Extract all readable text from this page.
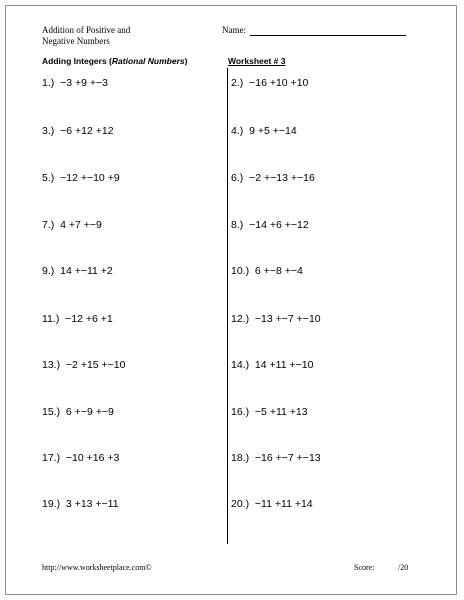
Addition of Positive and
Negative Numbers
Name:
Adding Integers (Rational Numbers)	Worksheet # 3
1.)  −3 +9 +−3	2.)  −16 +10 +10
3.)  −6 +12 +12	4.)  9 +5 +−14
5.)  −12 +−10 +9	6.)  −2 +−13 +−16
7.)  4 +7 +−9	8.)  −14 +6 +−12
9.)  14 +−11 +2	10.)  6 +−8 +−4
11.)  −12 +6 +1	12.)  −13 +−7 +−10
13.)  −2 +15 +−10	14.)  14 +11 +−10
15.)  6 +−9 +−9	16.)  −5 +11 +13
17.)  −10 +16 +3	18.)  −16 +−7 +−13
19.)  3 +13 +−11	20.)  −11 +11 +14
http://www.worksheetplace.com©	Score:	/20
